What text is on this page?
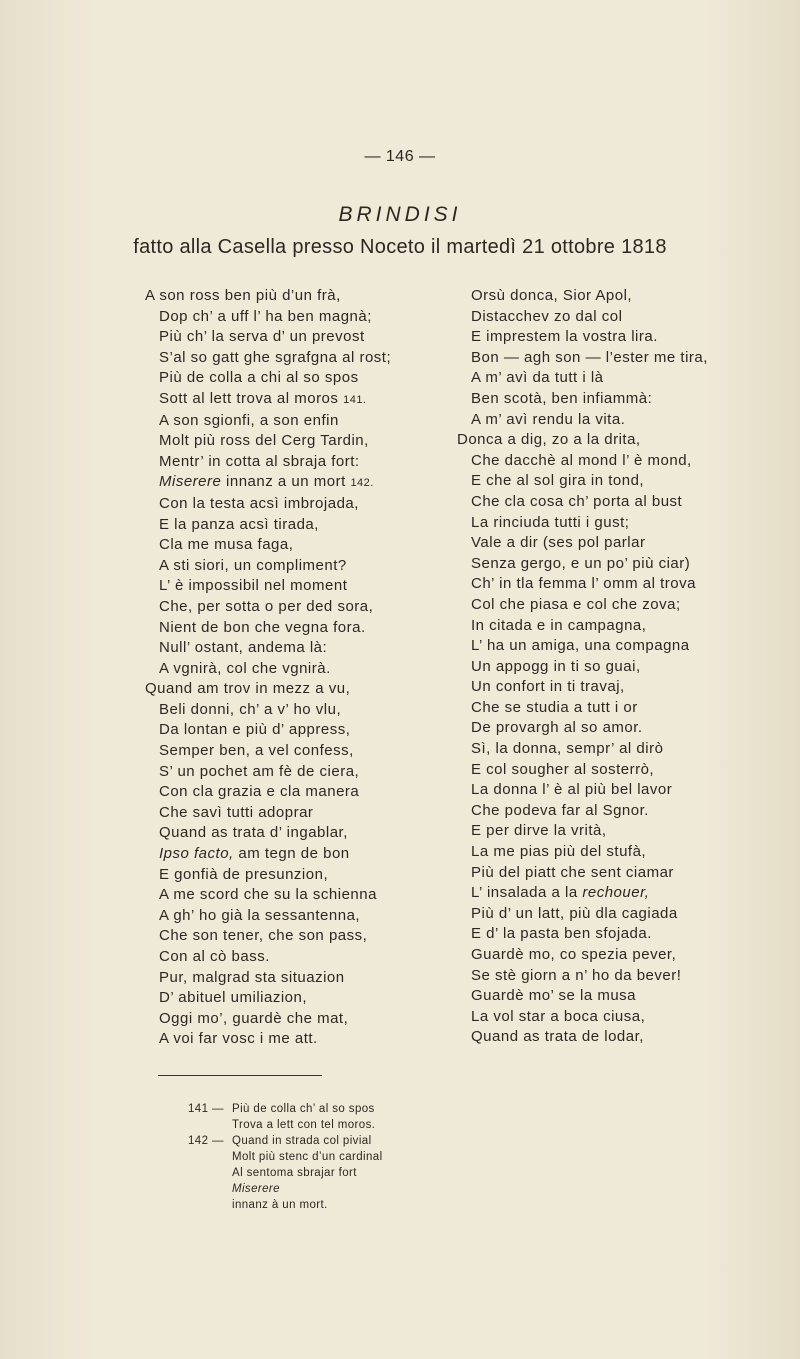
— 146 —
BRINDISI
fatto alla Casella presso Noceto il martedì 21 ottobre 1818
A son ross ben più d’un frà,
Dop ch’ a uff l’ ha ben magnà;
Più ch’ la serva d’ un prevost
S’al so gatt ghe sgrafgna al rost;
Più de colla a chi al so spos
Sott al lett trova al moros 141.
A son sgionfi, a son enfin
Molt più ross del Cerg Tardin,
Mentr’ in cotta al sbraja fort:
Miserere innanz a un mort 142.
Con la testa acsì imbrojada,
E la panza acsì tirada,
Cla me musa faga,
A sti siori, un compliment?
L’ è impossibil nel moment
Che, per sotta o per ded sora,
Nient de bon che vegna fora.
Null’ ostant, andema là:
A vgnirà, col che vgnirà.
Quand am trov in mezz a vu,
Beli donni, ch’ a v’ ho vlu,
Da lontan e più d’ appress,
Semper ben, a vel confess,
S’ un pochet am fè de ciera,
Con cla grazia e cla manera
Che savì tutti adoprar
Quand as trata d’ ingablar,
Ipso facto, am tegn de bon
E gonfià de presunzion,
A me scord che su la schienna
A gh’ ho già la sessantenna,
Che son tener, che son pass,
Con al cò bass.
Pur, malgrad sta situazion
D’ abituel umiliazion,
Oggi mo’, guardè che mat,
A voi far vosc i me att.
Orsù donca, Sior Apol,
Distacchev zo dal col
E imprestem la vostra lira.
Bon — agh son — l’ester me tira,
A m’ avì da tutt i là
Ben scotà, ben infiammà:
A m’ avì rendu la vita.
Donca a dig, zo a la drita,
Che dacchè al mond l’ è mond,
E che al sol gira in tond,
Che cla cosa ch’ porta al bust
La rinciuda tutti i gust;
Vale a dir (ses pol parlar
Senza gergo, e un po’ più ciar)
Ch’ in tla femma l’ omm al trova
Col che piasa e col che zova;
In citada e in campagna,
L’ ha un amiga, una compagna
Un appogg in ti so guai,
Un confort in ti travaj,
Che se studia a tutt i or
De provargh al so amor.
Sì, la donna, sempr’ al dirò
E col sougher al sosterrò,
La donna l’ è al più bel lavor
Che podeva far al Sgnor.
E per dirve la vrità,
La me pias più del stufà,
Più del piatt che sent ciamar
L’ insalada a la rechouer,
Più d’ un latt, più dla cagiada
E d’ la pasta ben sfojada.
Guardè mo, co spezia pever,
Se stè giorn a n’ ho da bever!
Guardè mo’ se la musa
La vol star a boca ciusa,
Quand as trata de lodar,
141 — Più de colla ch’ al so spos
Trova a lett con tel moros.
142 — Quand in strada col pivial
Molt più stenc d’un cardinal
Al sentoma sbrajar fort
Miserere
innanz à un mort.
